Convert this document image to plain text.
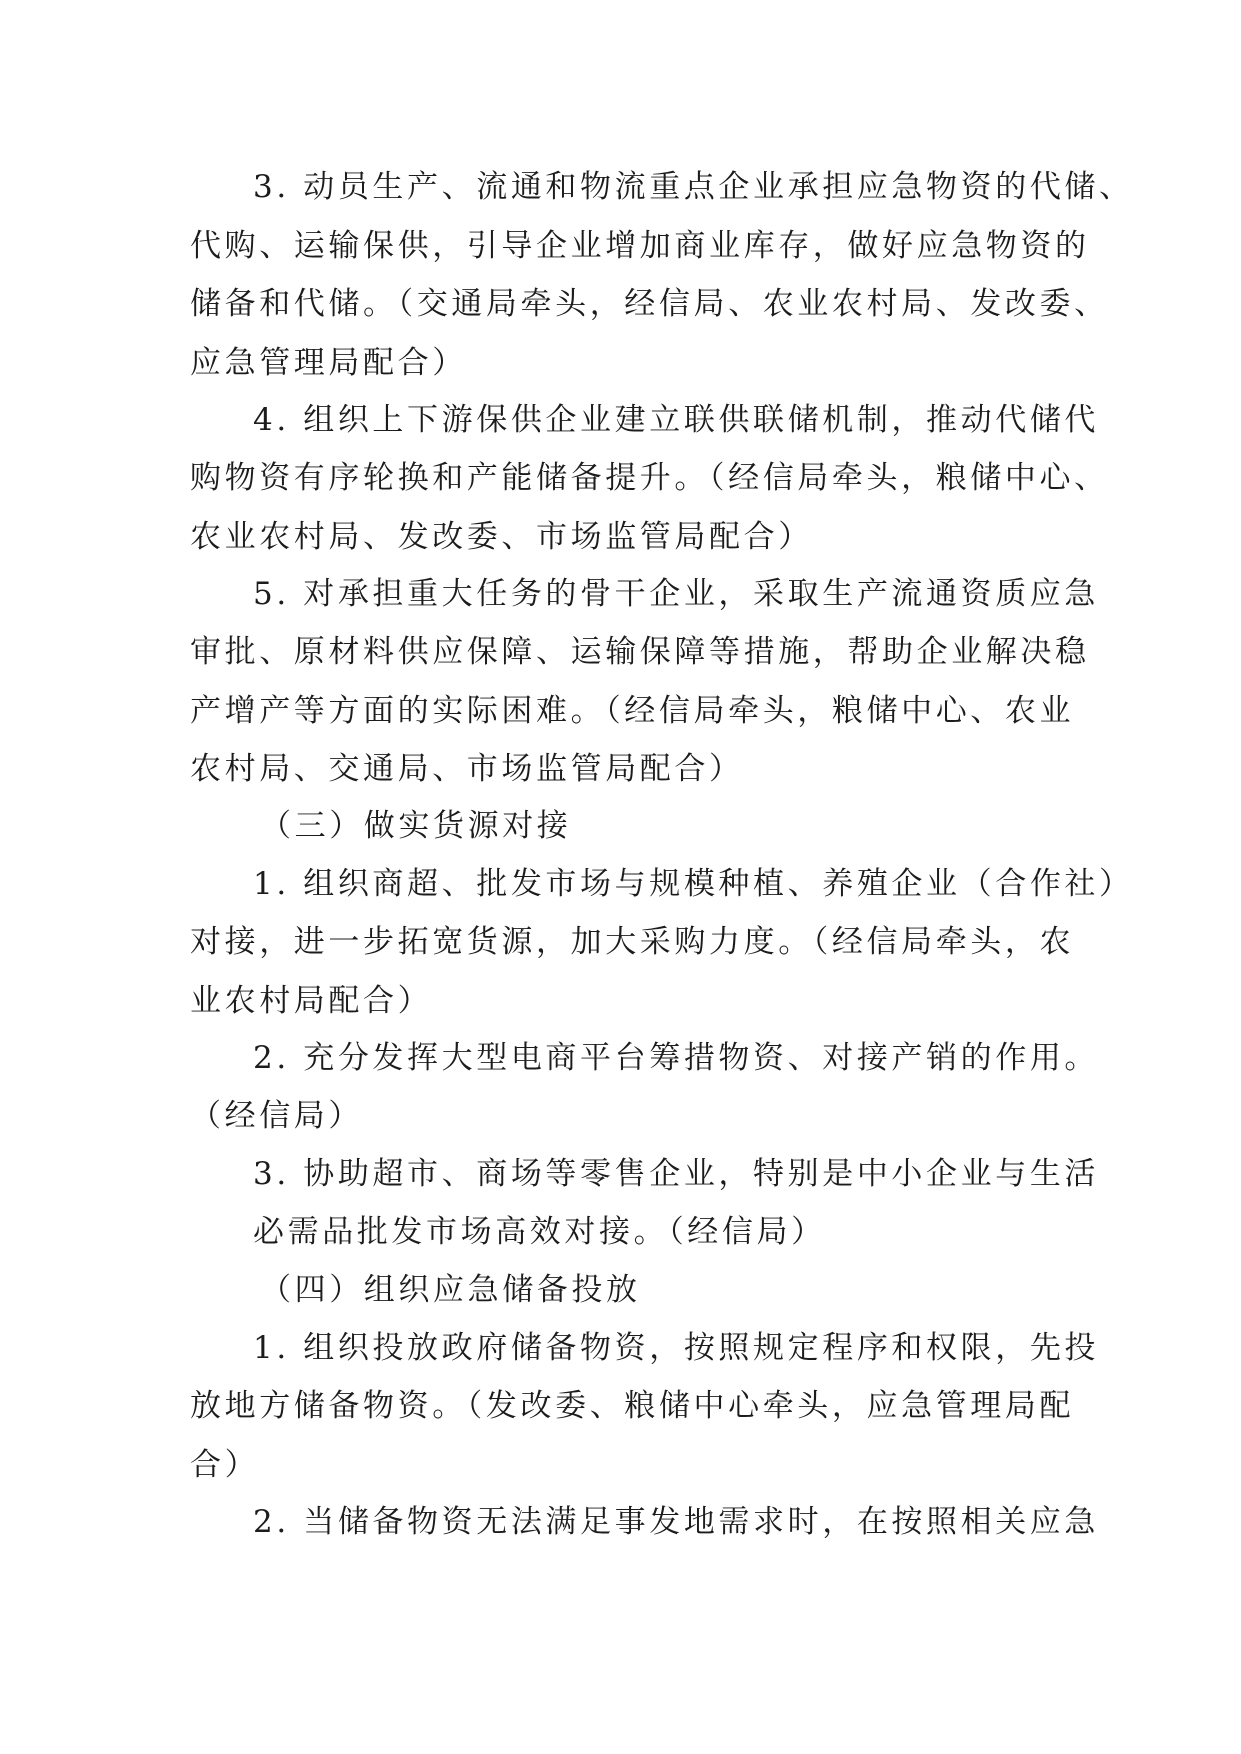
3. 动员生产、流通和物流重点企业承担应急物资的代储、

代购、运输保供，引导企业增加商业库存，做好应急物资的

储备和代储。（交通局牵头，经信局、农业农村局、发改委、

应急管理局配合）

4. 组织上下游保供企业建立联供联储机制，推动代储代

购物资有序轮换和产能储备提升。（经信局牵头，粮储中心、

农业农村局、发改委、市场监管局配合）

5. 对承担重大任务的骨干企业，采取生产流通资质应急

审批、原材料供应保障、运输保障等措施，帮助企业解决稳

产增产等方面的实际困难。（经信局牵头，粮储中心、农业

农村局、交通局、市场监管局配合）

（三）做实货源对接

1. 组织商超、批发市场与规模种植、养殖企业（合作社）

对接，进一步拓宽货源，加大采购力度。（经信局牵头，农

业农村局配合）

2. 充分发挥大型电商平台筹措物资、对接产销的作用。

（经信局）

3. 协助超市、商场等零售企业，特别是中小企业与生活

必需品批发市场高效对接。（经信局）

（四）组织应急储备投放

1. 组织投放政府储备物资，按照规定程序和权限，先投

放地方储备物资。（发改委、粮储中心牵头，应急管理局配

合）

2. 当储备物资无法满足事发地需求时，在按照相关应急
